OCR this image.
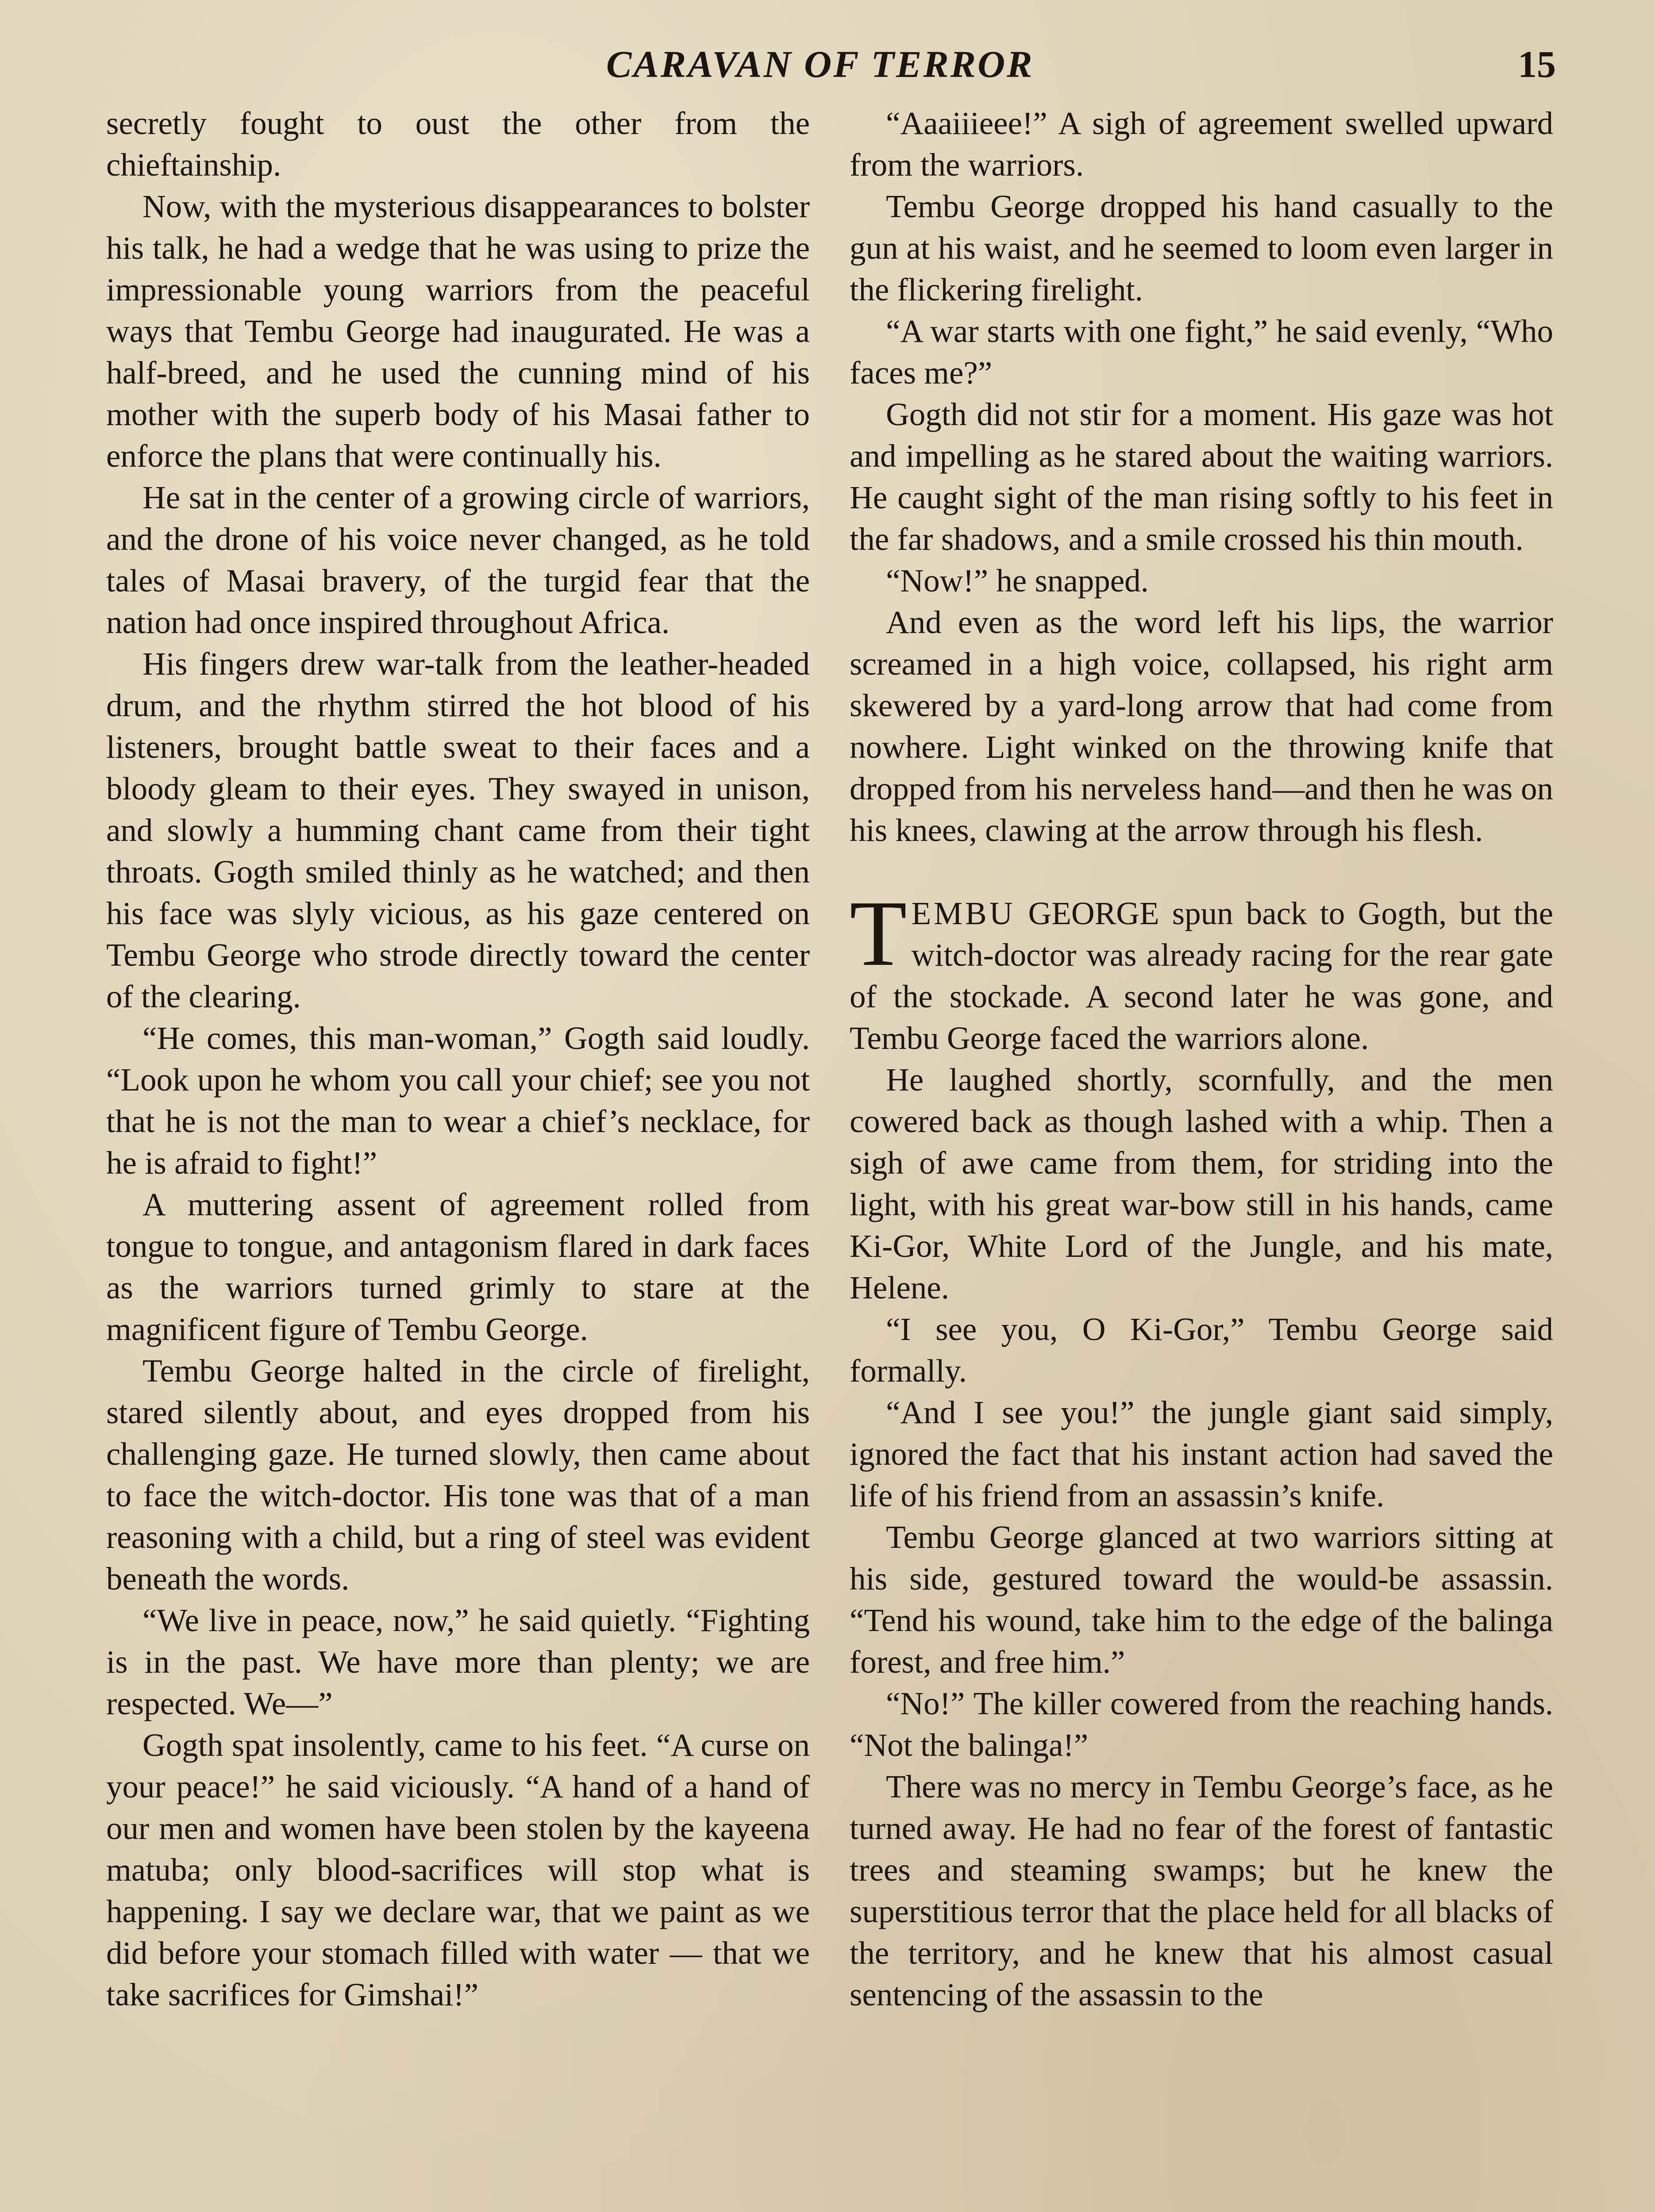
CARAVAN OF TERROR	15

secretly fought to oust the other from the chieftainship.

Now, with the mysterious disappearances to bolster his talk, he had a wedge that he was using to prize the impressionable young warriors from the peaceful ways that Tembu George had inaugurated. He was a half-breed, and he used the cunning mind of his mother with the superb body of his Masai father to enforce the plans that were continually his.

He sat in the center of a growing circle of warriors, and the drone of his voice never changed, as he told tales of Masai bravery, of the turgid fear that the nation had once inspired throughout Africa.

His fingers drew war-talk from the leather-headed drum, and the rhythm stirred the hot blood of his listeners, brought battle sweat to their faces and a bloody gleam to their eyes. They swayed in unison, and slowly a humming chant came from their tight throats. Gogth smiled thinly as he watched; and then his face was slyly vicious, as his gaze centered on Tembu George who strode directly toward the center of the clearing.

“He comes, this man-woman,” Gogth said loudly. “Look upon he whom you call your chief; see you not that he is not the man to wear a chief’s necklace, for he is afraid to fight!”

A muttering assent of agreement rolled from tongue to tongue, and antagonism flared in dark faces as the warriors turned grimly to stare at the magnificent figure of Tembu George.

Tembu George halted in the circle of firelight, stared silently about, and eyes dropped from his challenging gaze. He turned slowly, then came about to face the witch-doctor. His tone was that of a man reasoning with a child, but a ring of steel was evident beneath the words.

“We live in peace, now,” he said quietly. “Fighting is in the past. We have more than plenty; we are respected. We—”

Gogth spat insolently, came to his feet. “A curse on your peace!” he said viciously. “A hand of a hand of our men and women have been stolen by the kayeena matuba; only blood-sacrifices will stop what is happening. I say we declare war, that we paint as we did before your stomach filled with water — that we take sacrifices for Gimshai!”

“Aaaiiieee!” A sigh of agreement swelled upward from the warriors.

Tembu George dropped his hand casually to the gun at his waist, and he seemed to loom even larger in the flickering firelight.

“A war starts with one fight,” he said evenly, “Who faces me?”

Gogth did not stir for a moment. His gaze was hot and impelling as he stared about the waiting warriors. He caught sight of the man rising softly to his feet in the far shadows, and a smile crossed his thin mouth.

“Now!” he snapped.

And even as the word left his lips, the warrior screamed in a high voice, collapsed, his right arm skewered by a yard-long arrow that had come from nowhere. Light winked on the throwing knife that dropped from his nerveless hand—and then he was on his knees, clawing at the arrow through his flesh.

TEMBU GEORGE spun back to Gogth, but the witch-doctor was already racing for the rear gate of the stockade. A second later he was gone, and Tembu George faced the warriors alone.

He laughed shortly, scornfully, and the men cowered back as though lashed with a whip. Then a sigh of awe came from them, for striding into the light, with his great war-bow still in his hands, came Ki-Gor, White Lord of the Jungle, and his mate, Helene.

“I see you, O Ki-Gor,” Tembu George said formally.

“And I see you!” the jungle giant said simply, ignored the fact that his instant action had saved the life of his friend from an assassin’s knife.

Tembu George glanced at two warriors sitting at his side, gestured toward the would-be assassin. “Tend his wound, take him to the edge of the balinga forest, and free him.”

“No!” The killer cowered from the reaching hands. “Not the balinga!”

There was no mercy in Tembu George’s face, as he turned away. He had no fear of the forest of fantastic trees and steaming swamps; but he knew the superstitious terror that the place held for all blacks of the territory, and he knew that his almost casual sentencing of the assassin to the
